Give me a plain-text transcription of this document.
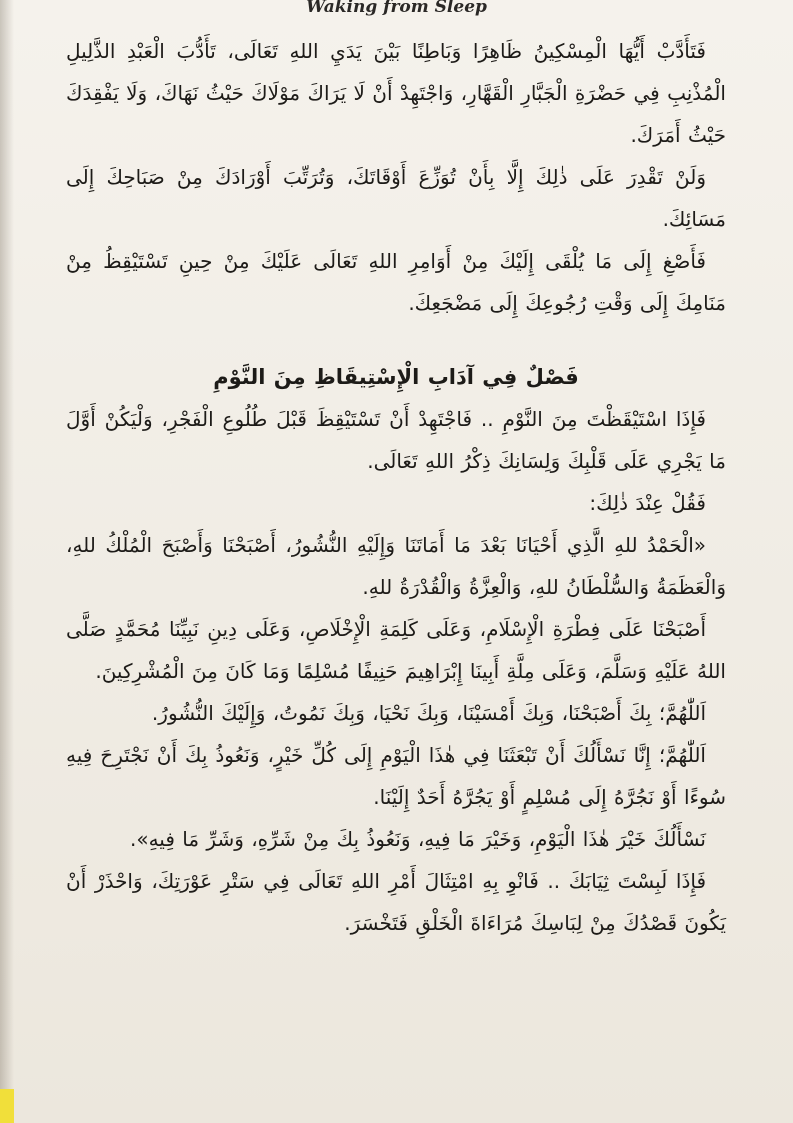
Waking from Sleep

فَتَأَدَّبْ أَيُّهَا الْمِسْكِينُ ظَاهِرًا وَبَاطِنًا بَيْنَ يَدَيِ اللهِ تَعَالَى، تَأَدُّبَ الْعَبْدِ الذَّلِيلِ الْمُذْنِبِ فِي حَضْرَةِ الْجَبَّارِ الْقَهَّارِ، وَاجْتَهِدْ أَنْ لَا يَرَاكَ مَوْلَاكَ حَيْثُ نَهَاكَ، وَلَا يَفْقِدَكَ حَيْثُ أَمَرَكَ.

وَلَنْ تَقْدِرَ عَلَى ذٰلِكَ إِلَّا بِأَنْ تُوَزِّعَ أَوْقَاتَكَ، وَتُرَتِّبَ أَوْرَادَكَ مِنْ صَبَاحِكَ إِلَى مَسَائِكَ.

فَأَصْغِ إِلَى مَا يُلْقَى إِلَيْكَ مِنْ أَوَامِرِ اللهِ تَعَالَى عَلَيْكَ مِنْ حِينِ تَسْتَيْقِظُ مِنْ مَنَامِكَ إِلَى وَقْتِ رُجُوعِكَ إِلَى مَضْجَعِكَ.

فَصْلٌ فِي آدَابِ الْإِسْتِيقَاظِ مِنَ النَّوْمِ

فَإِذَا اسْتَيْقَظْتَ مِنَ النَّوْمِ .. فَاجْتَهِدْ أَنْ تَسْتَيْقِظَ قَبْلَ طُلُوعِ الْفَجْرِ، وَلْيَكُنْ أَوَّلَ مَا يَجْرِي عَلَى قَلْبِكَ وَلِسَانِكَ ذِكْرُ اللهِ تَعَالَى.

فَقُلْ عِنْدَ ذٰلِكَ:

«الْحَمْدُ للهِ الَّذِي أَحْيَانَا بَعْدَ مَا أَمَاتَنَا وَإِلَيْهِ النُّشُورُ، أَصْبَحْنَا وَأَصْبَحَ الْمُلْكُ للهِ، وَالْعَظَمَةُ وَالسُّلْطَانُ للهِ، وَالْعِزَّةُ وَالْقُدْرَةُ للهِ.

أَصْبَحْنَا عَلَى فِطْرَةِ الْإِسْلَامِ، وَعَلَى كَلِمَةِ الْإِخْلَاصِ، وَعَلَى دِينِ نَبِيِّنَا مُحَمَّدٍ صَلَّى اللهُ عَلَيْهِ وَسَلَّمَ، وَعَلَى مِلَّةِ أَبِينَا إِبْرَاهِيمَ حَنِيفًا مُسْلِمًا وَمَا كَانَ مِنَ الْمُشْرِكِينَ.

اَللّٰهُمَّ؛ بِكَ أَصْبَحْنَا، وَبِكَ أَمْسَيْنَا، وَبِكَ نَحْيَا، وَبِكَ نَمُوتُ، وَإِلَيْكَ النُّشُورُ.

اَللّٰهُمَّ؛ إِنَّا نَسْأَلُكَ أَنْ تَبْعَثَنَا فِي هٰذَا الْيَوْمِ إِلَى كُلِّ خَيْرٍ، وَنَعُوذُ بِكَ أَنْ نَجْتَرِحَ فِيهِ سُوءًا أَوْ نَجُرَّهُ إِلَى مُسْلِمٍ أَوْ يَجُرَّهُ أَحَدٌ إِلَيْنَا.

نَسْأَلُكَ خَيْرَ هٰذَا الْيَوْمِ، وَخَيْرَ مَا فِيهِ، وَنَعُوذُ بِكَ مِنْ شَرِّهِ، وَشَرِّ مَا فِيهِ».

فَإِذَا لَبِسْتَ ثِيَابَكَ .. فَانْوِ بِهِ امْتِثَالَ أَمْرِ اللهِ تَعَالَى فِي سَتْرِ عَوْرَتِكَ، وَاحْذَرْ أَنْ يَكُونَ قَصْدُكَ مِنْ لِبَاسِكَ مُرَاءَاةَ الْخَلْقِ فَتَخْسَرَ.
